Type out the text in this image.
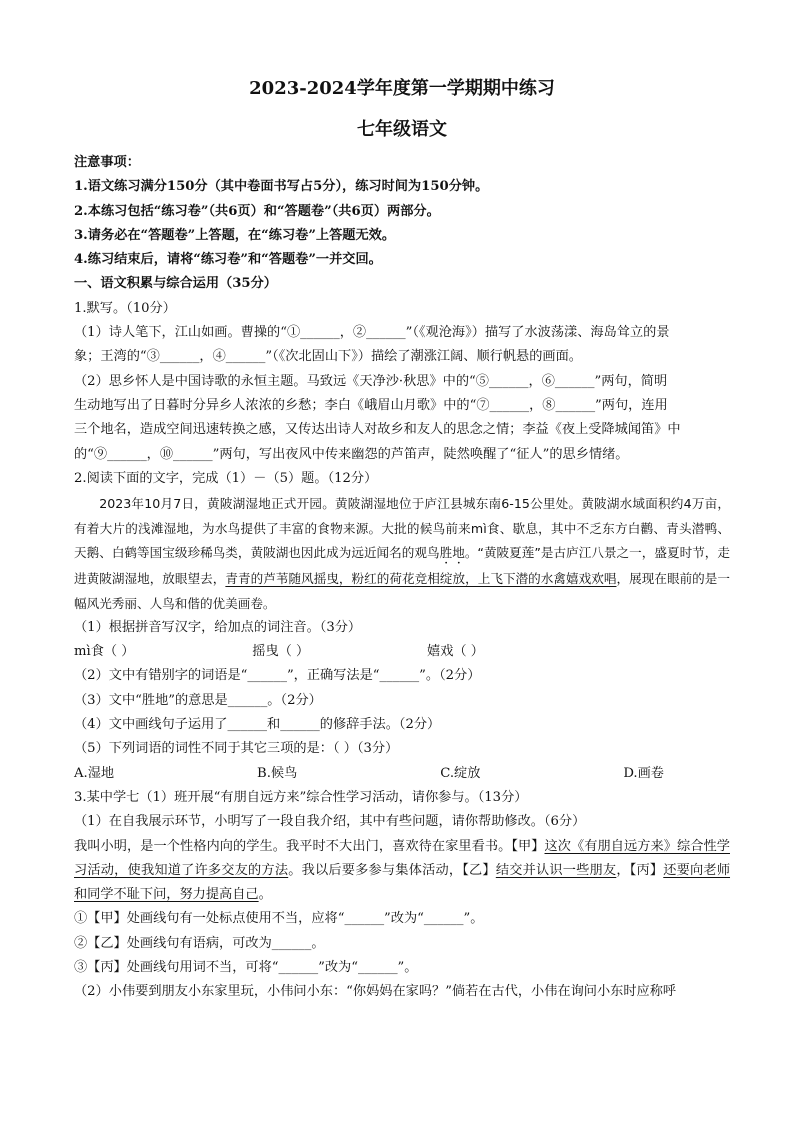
2023-2024学年度第一学期期中练习
七年级语文
注意事项：
1.语文练习满分150分（其中卷面书写占5分），练习时间为150分钟。
2.本练习包括“练习卷”（共6页）和“答题卷”（共6页）两部分。
3.请务必在“答题卷”上答题，在“练习卷”上答题无效。
4.练习结束后，请将“练习卷”和“答题卷”一并交回。
一、语文积累与综合运用（35分）
1.默写。（10分）
（1）诗人笔下，江山如画。曹操的“①______，②______”（《观沧海》）描写了水波荡漾、海岛耸立的景
象；王湾的“③______，④______”（《次北固山下》）描绘了潮涨江阔、顺行帆悬的画面。
（2）思乡怀人是中国诗歌的永恒主题。马致远《天净沙·秋思》中的“⑤______，⑥______”两句，简明
生动地写出了日暮时分异乡人浓浓的乡愁；李白《峨眉山月歌》中的“⑦______，⑧______”两句，连用
三个地名，造成空间迅速转换之感，又传达出诗人对故乡和友人的思念之情；李益《夜上受降城闻笛》中
的“⑨______，⑩______”两句，写出夜风中传来幽怨的芦笛声，陡然唤醒了“征人”的思乡情绪。
2.阅读下面的文字，完成（1）－（5）题。（12分）
2023年10月7日，黄陂湖湿地正式开园。黄陂湖湿地位于庐江县城东南6-15公里处。黄陂湖水域面积约4万亩，有着大片的浅滩湿地，为水鸟提供了丰富的食物来源。大批的候鸟前来mì食、歇息，其中不乏东方白鹳、青头潜鸭、天鹅、白鹤等国宝级珍稀鸟类，黄陂湖也因此成为远近闻名的观鸟胜地。“黄陂夏莲”是古庐江八景之一，盛夏时节，走进黄陂湖湿地，放眼望去，青青的芦苇随风摇曳，粉红的荷花竞相绽放，上飞下潜的水禽嬉戏欢唱，展现在眼前的是一幅风光秀丽、人鸟和偕的优美画卷。
（1）根据拼音写汉字，给加点的词注音。（3分）
mì食（ ）	摇曳（ ）	嬉戏（ ）
（2）文中有错别字的词语是“______”，正确写法是“______”。（2分）
（3）文中“胜地”的意思是______。（2分）
（4）文中画线句子运用了______和______的修辞手法。（2分）
（5）下列词语的词性不同于其它三项的是：（ ）（3分）
A.湿地	B.候鸟	C.绽放	D.画卷
3.某中学七（1）班开展“有朋自远方来”综合性学习活动，请你参与。（13分）
（1）在自我展示环节，小明写了一段自我介绍，其中有些问题，请你帮助修改。（6分）
我叫小明，是一个性格内向的学生。我平时不大出门，喜欢待在家里看书。【甲】这次《有朋自远方来》综合性学习活动，使我知道了许多交友的方法。我以后要多参与集体活动，【乙】结交并认识一些朋友，【丙】还要向老师和同学不耻下问，努力提高自己。
①【甲】处画线句有一处标点使用不当，应将“______”改为“______”。
②【乙】处画线句有语病，可改为______。
③【丙】处画线句用词不当，可将“______”改为“______”。
（2）小伟要到朋友小东家里玩，小伟问小东：“你妈妈在家吗？”倘若在古代，小伟在询问小东时应称呼
